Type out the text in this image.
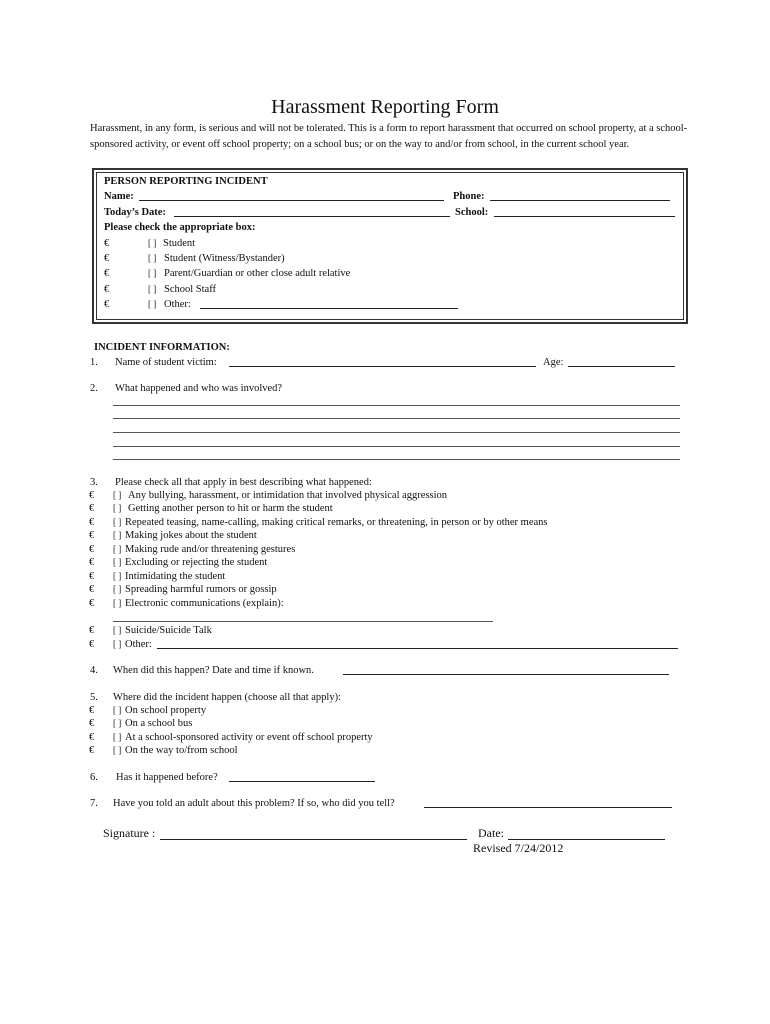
Harassment Reporting Form
Harassment, in any form, is serious and will not be tolerated. This is a form to report harassment that occurred on school property, at a school-sponsored activity, or event off school property; on a school bus; or on the way to and/or from school, in the current school year.
PERSON REPORTING INCIDENT
Name:	Phone:
Today’s Date:	School:
Please check the appropriate box:
€	[ ] Student
€	[ ] Student (Witness/Bystander)
€	[ ] Parent/Guardian or other close adult relative
€	[ ] School Staff
€	[ ] Other:
INCIDENT INFORMATION:
1. Name of student victim:	Age:
2. What happened and who was involved?
3. Please check all that apply in best describing what happened:
€ [ ] Any bullying, harassment, or intimidation that involved physical aggression
€ [ ] Getting another person to hit or harm the student
€ [ ] Repeated teasing, name-calling, making critical remarks, or threatening, in person or by other means
€ [ ] Making jokes about the student
€ [ ] Making rude and/or threatening gestures
€ [ ] Excluding or rejecting the student
€ [ ] Intimidating the student
€ [ ] Spreading harmful rumors or gossip
€ [ ] Electronic communications (explain):
€ [ ] Suicide/Suicide Talk
€ [ ] Other:
4. When did this happen? Date and time if known.
5. Where did the incident happen (choose all that apply):
€ [ ] On school property
€ [ ] On a school bus
€ [ ] At a school-sponsored activity or event off school property
€ [ ] On the way to/from school
6. Has it happened before?
7. Have you told an adult about this problem? If so, who did you tell?
Signature :	Date:
Revised 7/24/2012
